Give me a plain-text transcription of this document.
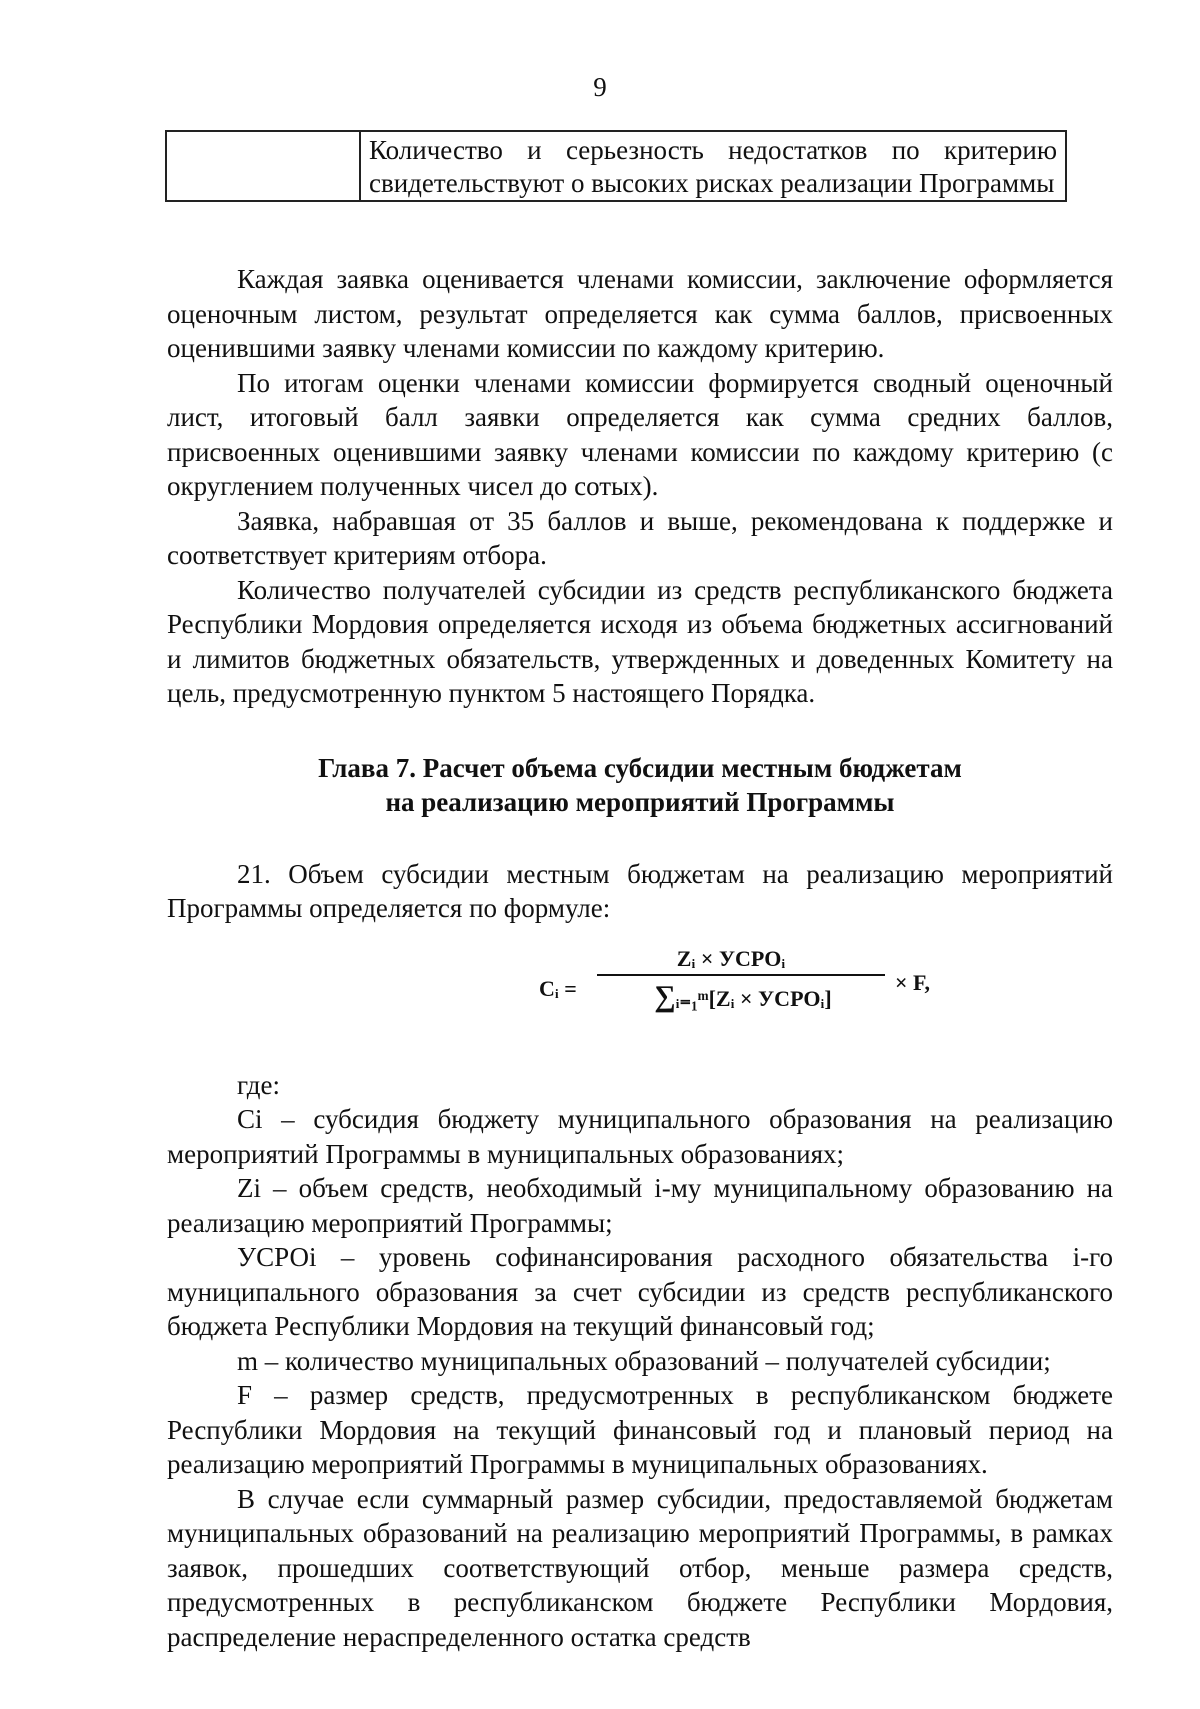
9
	Количество и серьезность недостатков по критерию свидетельствуют о высоких рисках реализации Программы

Каждая заявка оценивается членами комиссии, заключение оформляется оценочным листом, результат определяется как сумма баллов, присвоенных оценившими заявку членами комиссии по каждому критерию.

По итогам оценки членами комиссии формируется сводный оценочный лист, итоговый балл заявки определяется как сумма средних баллов, присвоенных оценившими заявку членами комиссии по каждому критерию (с округлением полученных чисел до сотых).

Заявка, набравшая от 35 баллов и выше, рекомендована к поддержке и соответствует критериям отбора.

Количество получателей субсидии из средств республиканского бюджета Республики Мордовия определяется исходя из объема бюджетных ассигнований и лимитов бюджетных обязательств, утвержденных и доведенных Комитету на цель, предусмотренную пунктом 5 настоящего Порядка.

Глава 7. Расчет объема субсидии местным бюджетам
на реализацию мероприятий Программы

21. Объем субсидии местным бюджетам на реализацию мероприятий Программы определяется по формуле:

Cᵢ =
Zᵢ × УСРОᵢ
∑ᵢ₌₁ᵐ[Zᵢ × УСРОᵢ]
× F,

где:

Ci – субсидия бюджету муниципального образования на реализацию мероприятий Программы в муниципальных образованиях;

Zi – объем средств, необходимый i-му муниципальному образованию на реализацию мероприятий Программы;

УСРОi – уровень софинансирования расходного обязательства i-го муниципального образования за счет субсидии из средств республиканского бюджета Республики Мордовия на текущий финансовый год;

m – количество муниципальных образований – получателей субсидии;

F – размер средств, предусмотренных в республиканском бюджете Республики Мордовия на текущий финансовый год и плановый период на реализацию мероприятий Программы в муниципальных образованиях.

В случае если суммарный размер субсидии, предоставляемой бюджетам муниципальных образований на реализацию мероприятий Программы, в рамках заявок, прошедших соответствующий отбор, меньше размера средств, предусмотренных в республиканском бюджете Республики Мордовия, распределение нераспределенного остатка средств
